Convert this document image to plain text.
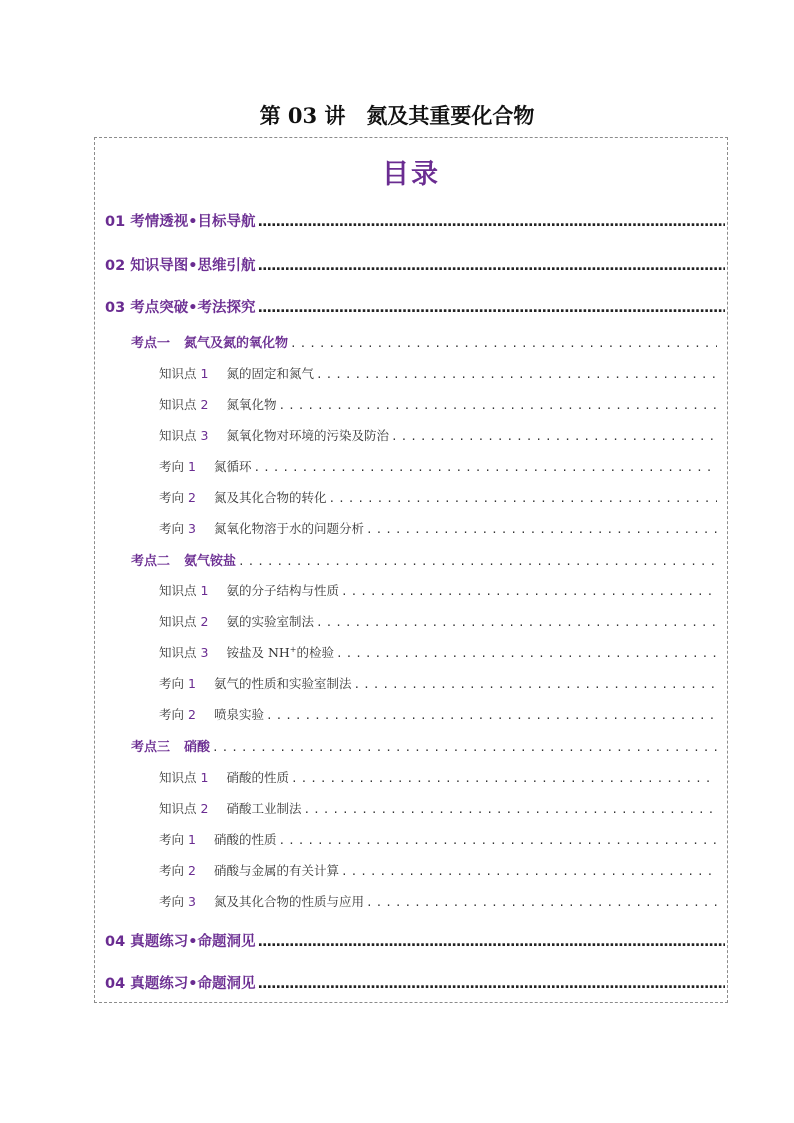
第 03 讲　氮及其重要化合物
目录
01 考情透视•目标导航
.....
02 知识导图•思维引航
.....
03 考点突破•考法探究
.....
考点一 氮气及氮的氧化物
.....
知识点 1 氮的固定和氮气
.....
知识点 2 氮氧化物
.....
知识点 3 氮氧化物对环境的污染及防治
.....
考向 1 氮循环
.....
考向 2 氮及其化合物的转化
.....
考向 3 氮氧化物溶于水的问题分析
.....
考点二 氨气铵盐
.....
知识点 1 氨的分子结构与性质
.....
知识点 2 氨的实验室制法
.....
知识点 3 铵盐及 NH+的检验
.....
考向 1 氨气的性质和实验室制法
.....
考向 2 喷泉实验
.....
考点三 硝酸
.....
知识点 1 硝酸的性质
.....
知识点 2 硝酸工业制法
.....
考向 1 硝酸的性质
.....
考向 2 硝酸与金属的有关计算
.....
考向 3 氮及其化合物的性质与应用
.....
04 真题练习•命题洞见
.....
04 真题练习•命题洞见
.....
